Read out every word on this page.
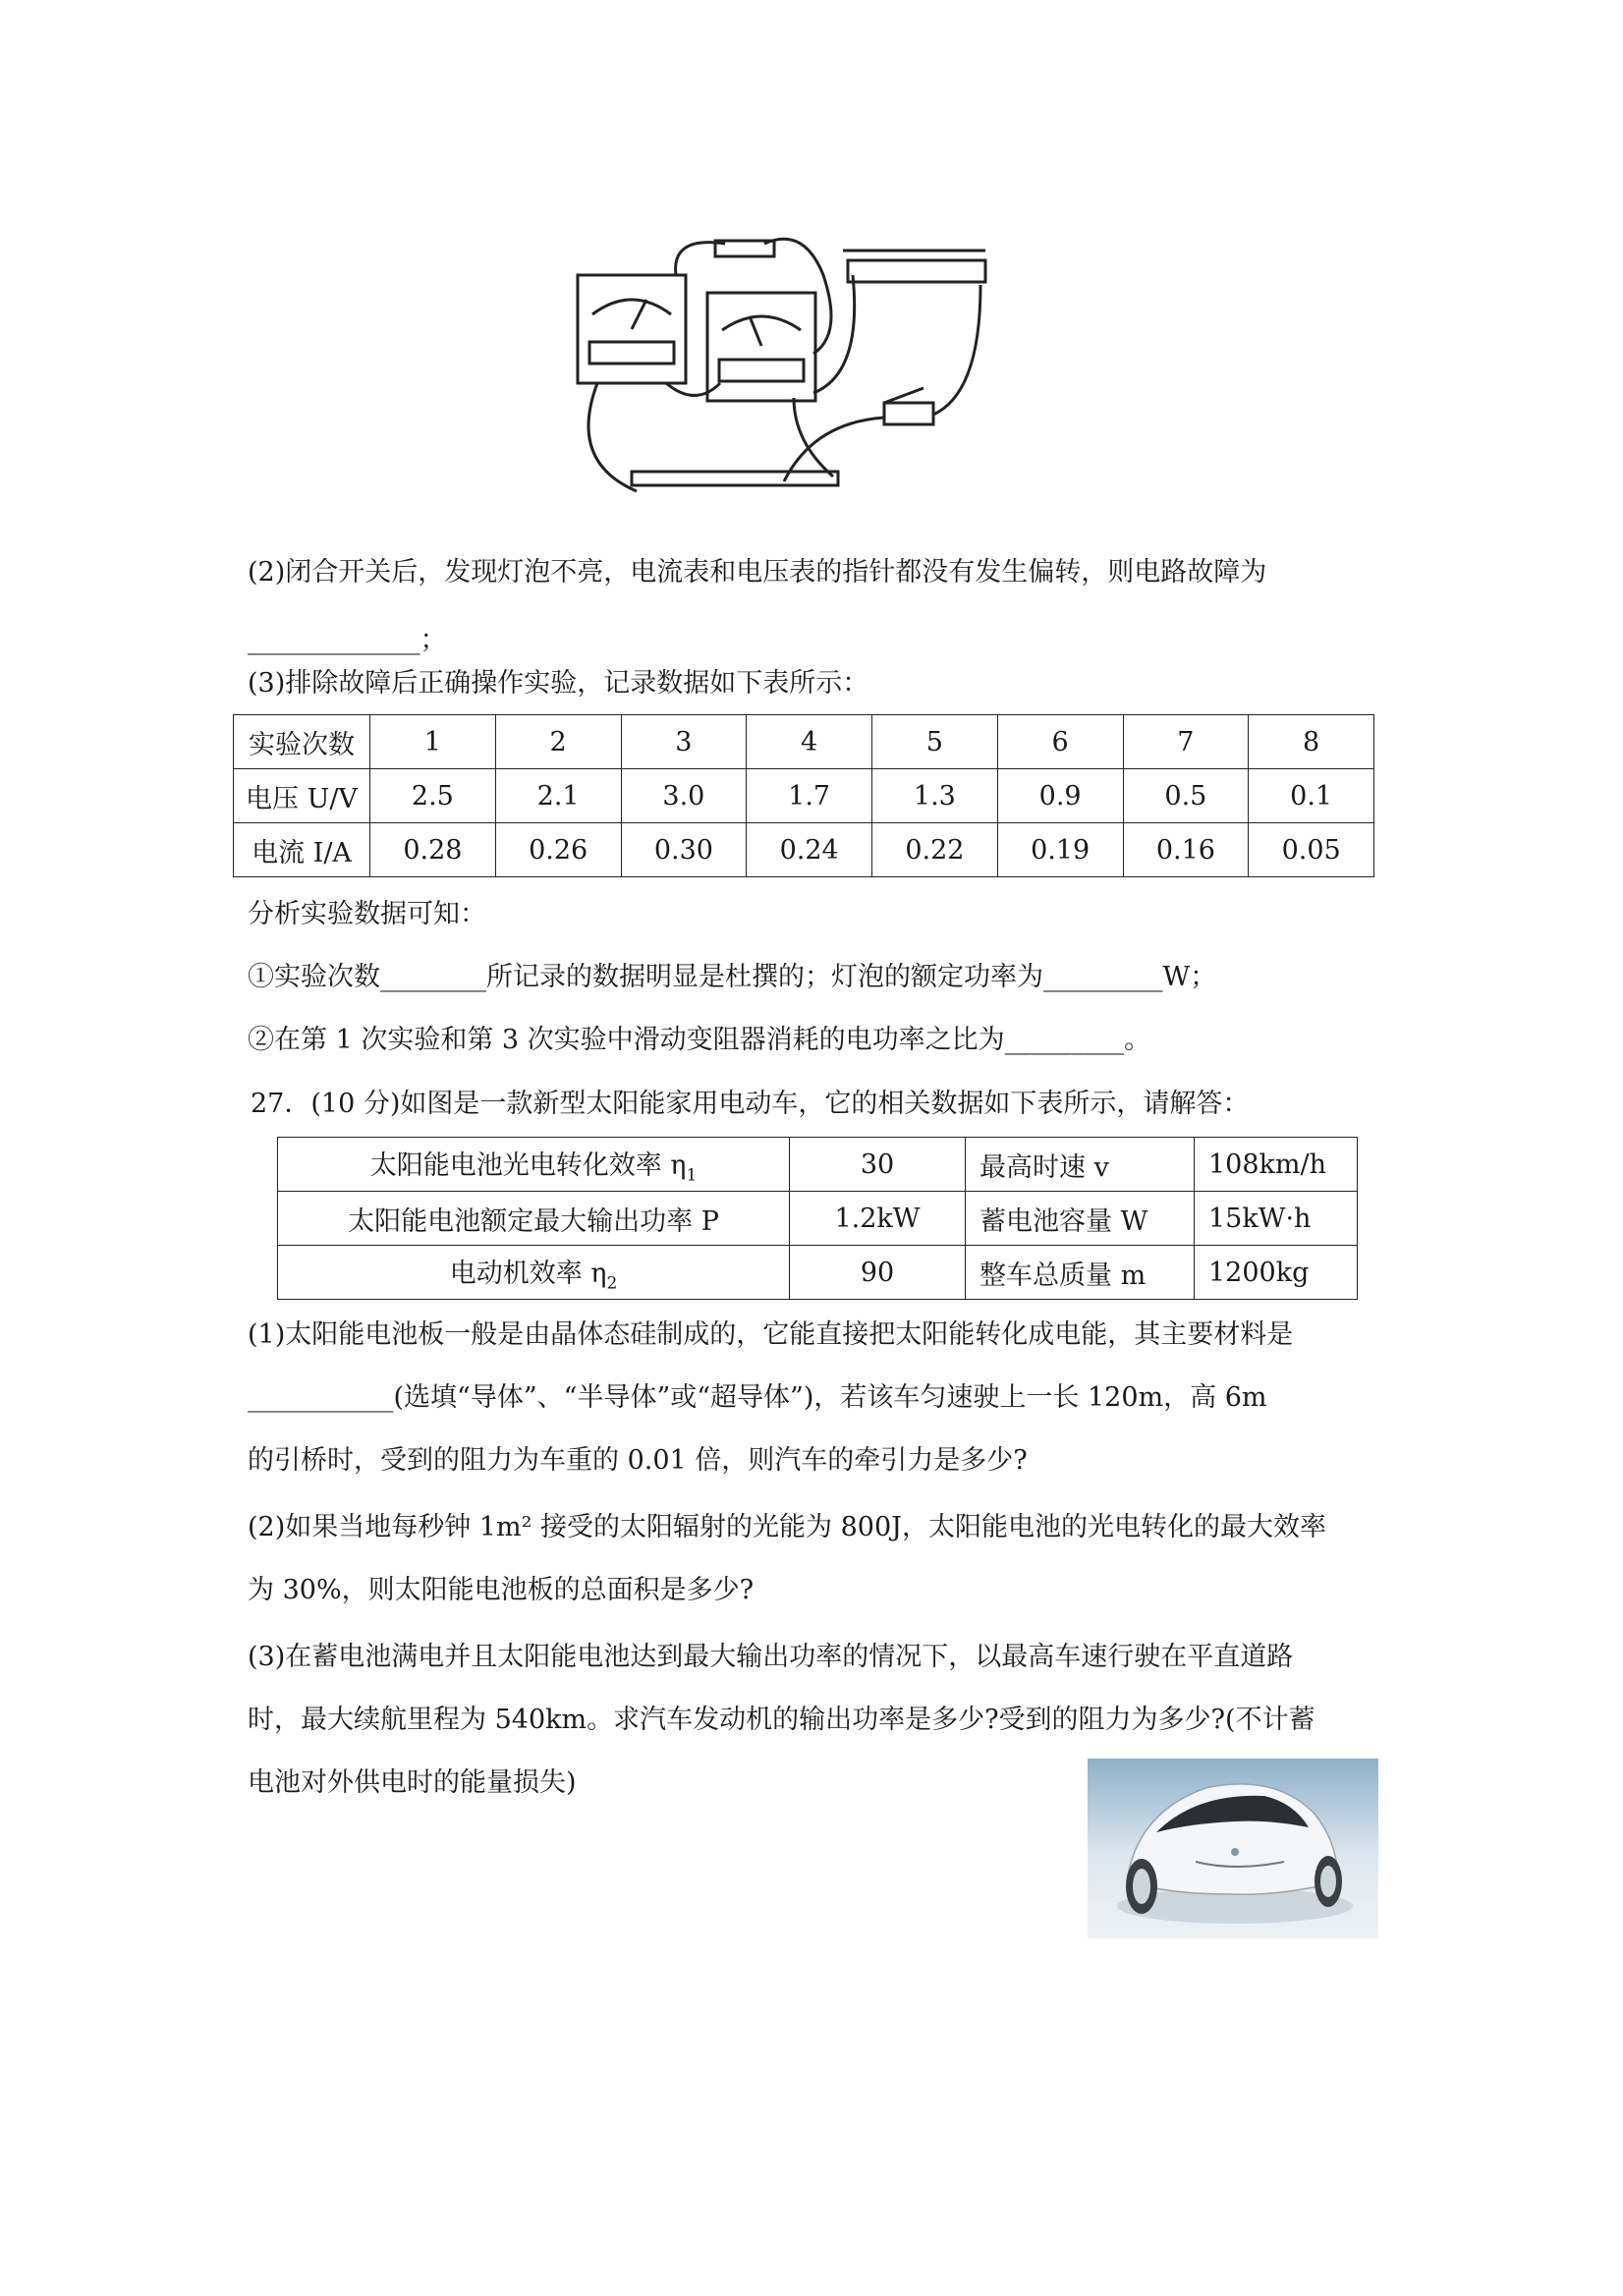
(2)闭合开关后，发现灯泡不亮，电流表和电压表的指针都没有发生偏转，则电路故障为
_____________；
(3)排除故障后正确操作实验，记录数据如下表所示：
实验次数	1	2	3	4	5	6	7	8
电压 U/V	2.5	2.1	3.0	1.7	1.3	0.9	0.5	0.1
电流 I/A	0.28	0.26	0.30	0.24	0.22	0.19	0.16	0.05
分析实验数据可知：
①实验次数________所记录的数据明显是杜撰的；灯泡的额定功率为_________W；
②在第 1 次实验和第 3 次实验中滑动变阻器消耗的电功率之比为_________。
27．(10 分)如图是一款新型太阳能家用电动车，它的相关数据如下表所示，请解答：
太阳能电池光电转化效率 $\eta_1$	30	最高时速 v	108km/h
太阳能电池额定最大输出功率 P	1.2kW	蓄电池容量 W	15kW·h
电动机效率 $\eta_2$	90	整车总质量 m	1200kg
(1)太阳能电池板一般是由晶体态硅制成的，它能直接把太阳能转化成电能，其主要材料是
___________(选填“导体”、“半导体”或“超导体”)，若该车匀速驶上一长 120m，高 6m
的引桥时，受到的阻力为车重的 0.01 倍，则汽车的牵引力是多少?
(2)如果当地每秒钟 1m² 接受的太阳辐射的光能为 800J，太阳能电池的光电转化的最大效率
为 30%，则太阳能电池板的总面积是多少?
(3)在蓄电池满电并且太阳能电池达到最大输出功率的情况下，以最高车速行驶在平直道路
时，最大续航里程为 540km。求汽车发动机的输出功率是多少?受到的阻力为多少?(不计蓄
电池对外供电时的能量损失)
